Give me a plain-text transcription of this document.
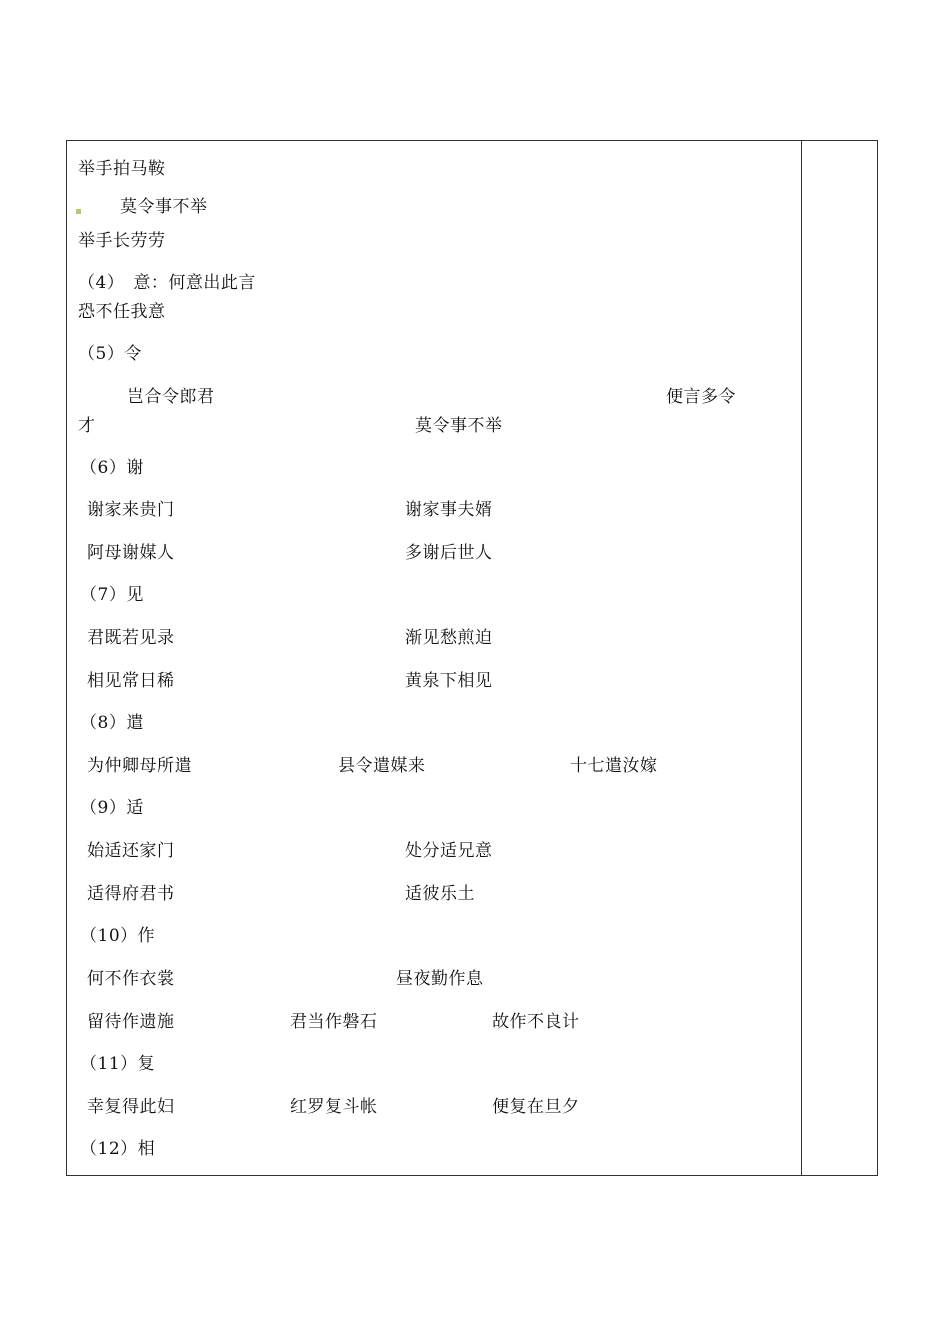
举手拍马鞍
莫令事不举
举手长劳劳
（4）　意：何意出此言
恐不任我意
（5）令
岂合令郎君	便言多令
才	莫令事不举
（6）谢
谢家来贵门	谢家事夫婿
阿母谢媒人	多谢后世人
（7）见
君既若见录	渐见愁煎迫
相见常日稀	黄泉下相见
（8）遣
为仲卿母所遣	县令遣媒来	十七遣汝嫁
（9）适
始适还家门	处分适兄意
适得府君书	适彼乐土
（10）作
何不作衣裳	昼夜勤作息
留待作遗施	君当作磐石	故作不良计
（11）复
幸复得此妇	红罗复斗帐	便复在旦夕
（12）相
